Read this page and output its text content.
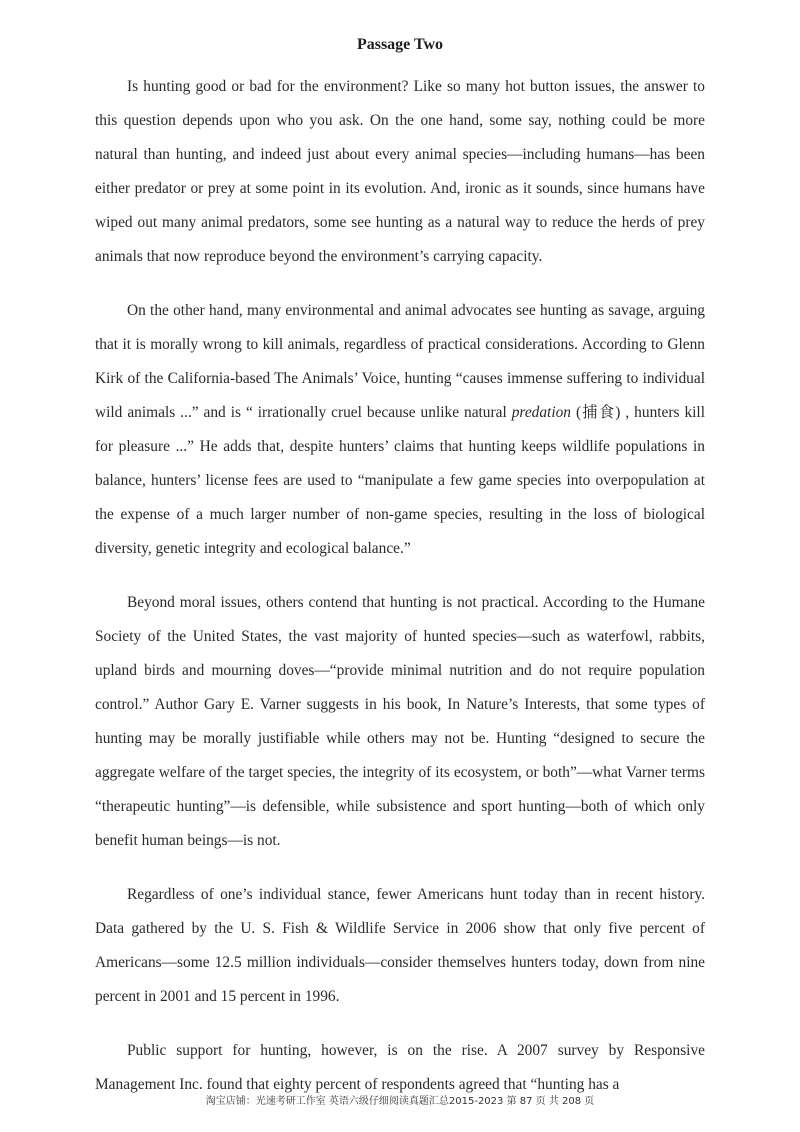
Passage Two

Is hunting good or bad for the environment? Like so many hot button issues, the answer to this question depends upon who you ask. On the one hand, some say, nothing could be more natural than hunting, and indeed just about every animal species—including humans—has been either predator or prey at some point in its evolution. And, ironic as it sounds, since humans have wiped out many animal predators, some see hunting as a natural way to reduce the herds of prey animals that now reproduce beyond the environment’s carrying capacity.

On the other hand, many environmental and animal advocates see hunting as savage, arguing that it is morally wrong to kill animals, regardless of practical considerations. According to Glenn Kirk of the California-based The Animals’ Voice, hunting “causes immense suffering to individual wild animals ...” and is “ irrationally cruel because unlike natural predation (捕食) , hunters kill for pleasure ...” He adds that, despite hunters’ claims that hunting keeps wildlife populations in balance, hunters’ license fees are used to “manipulate a few game species into overpopulation at the expense of a much larger number of non-game species, resulting in the loss of biological diversity, genetic integrity and ecological balance.”

Beyond moral issues, others contend that hunting is not practical. According to the Humane Society of the United States, the vast majority of hunted species—such as waterfowl, rabbits, upland birds and mourning doves—“provide minimal nutrition and do not require population control.” Author Gary E. Varner suggests in his book, In Nature’s Interests, that some types of hunting may be morally justifiable while others may not be. Hunting “designed to secure the aggregate welfare of the target species, the integrity of its ecosystem, or both”—what Varner terms “therapeutic hunting”—is defensible, while subsistence and sport hunting—both of which only benefit human beings—is not.

Regardless of one’s individual stance, fewer Americans hunt today than in recent history. Data gathered by the U. S. Fish & Wildlife Service in 2006 show that only five percent of Americans—some 12.5 million individuals—consider themselves hunters today, down from nine percent in 2001 and 15 percent in 1996.

Public support for hunting, however, is on the rise. A 2007 survey by Responsive Management Inc. found that eighty percent of respondents agreed that “hunting has a

淘宝店铺：光速考研工作室 英语六级仔细阅读真题汇总2015-2023 第 87 页 共 208 页
